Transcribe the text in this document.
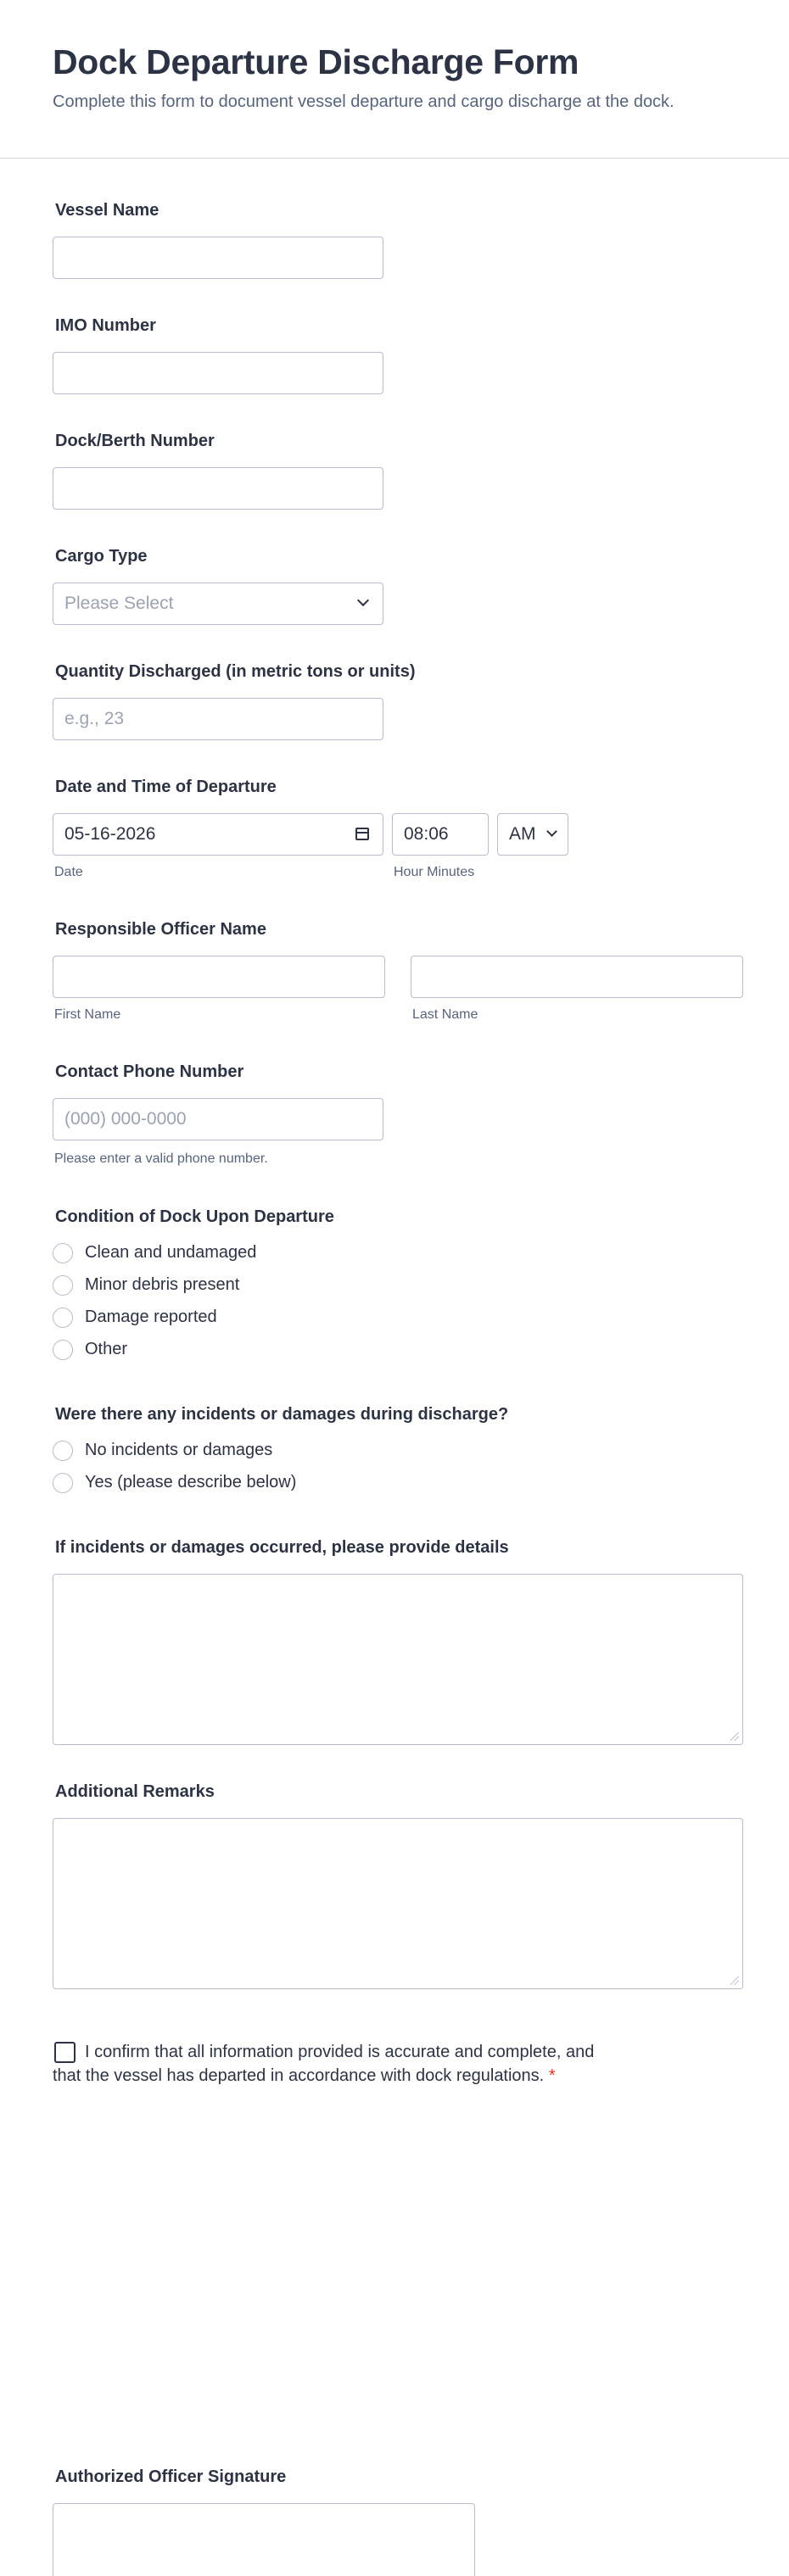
Dock Departure Discharge Form
Complete this form to document vessel departure and cargo discharge at the dock.
Vessel Name
IMO Number
Dock/Berth Number
Cargo Type
Please Select
Quantity Discharged (in metric tons or units)
e.g., 23
Date and Time of Departure
05-16-2026
Date
08:06	AM
Hour Minutes
Responsible Officer Name
First Name	Last Name
Contact Phone Number
(000) 000-0000
Please enter a valid phone number.
Condition of Dock Upon Departure
Clean and undamaged
Minor debris present
Damage reported
Other
Were there any incidents or damages during discharge?
No incidents or damages
Yes (please describe below)
If incidents or damages occurred, please provide details
Additional Remarks
I confirm that all information provided is accurate and complete, and
that the vessel has departed in accordance with dock regulations. *
Authorized Officer Signature
